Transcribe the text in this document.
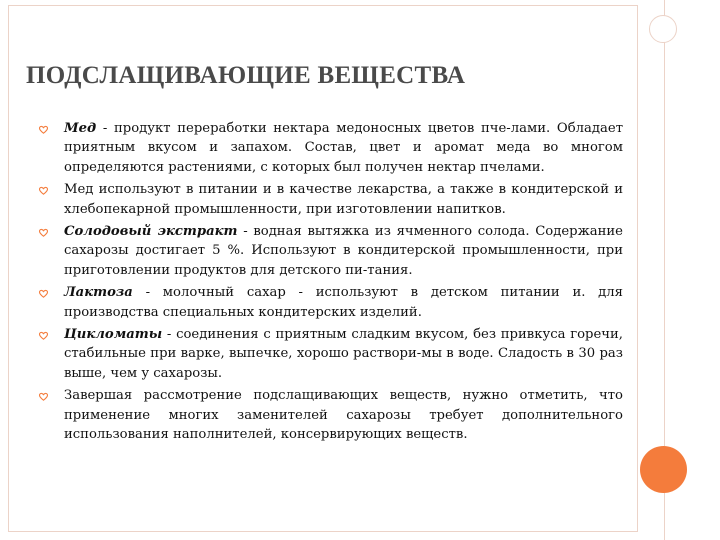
ПОДСЛАЩИВАЮЩИЕ ВЕЩЕСТВА

Мед - продукт переработки нектара медоносных цветов пче-лами. Обладает приятным вкусом и запахом. Состав, цвет и аромат меда во многом определяются растениями, с которых был получен нектар пчелами.

Мед используют в питании и в качестве лекарства, а также в кондитерской и хлебопекарной промышленности, при изготовлении напитков.

Солодовый экстракт - водная вытяжка из ячменного солода. Содержание сахарозы достигает 5 %. Используют в кондитерской промышленности, при приготовлении продуктов для детского пи-тания.

Лактоза - молочный сахар - используют в детском питании и. для производства специальных кондитерских изделий.

Цикломаты - соединения с приятным сладким вкусом, без привкуса горечи, стабильные при варке, выпечке, хорошо раствори-мы в воде. Сладость в 30 раз выше, чем у сахарозы.

Завершая рассмотрение подслащивающих веществ, нужно отметить, что применение многих заменителей сахарозы требует дополнительного использования наполнителей, консервирующих веществ.
